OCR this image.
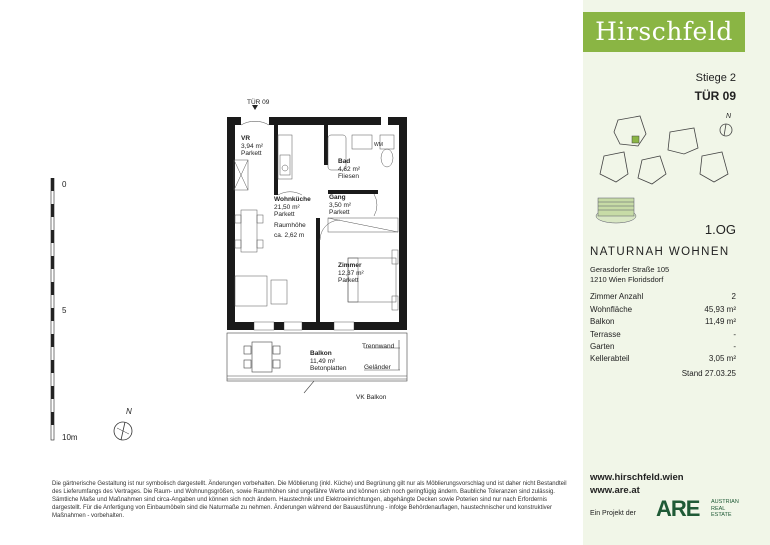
Hirschfeld
Stiege 2
TÜR 09
N
1.OG
NATURNAH WOHNEN
Gerasdorfer Straße 105
1210 Wien Floridsdorf
Zimmer Anzahl	2
Wohnfläche	45,93 m²
Balkon	11,49 m²
Terrasse	-
Garten	-
Kellerabteil	3,05 m²
Stand 27.03.25
www.hirschfeld.wien
www.are.at
Ein Projekt der ARE AUSTRIAN
REAL
ESTATE
0
5
10m
N
TÜR 09
VR
3,94 m²
Parkett
Bad
4,62 m²
Fliesen
WM
Gang
3,50 m²
Parkett
Wohnküche
21,50 m²
Parkett
Raumhöhe
ca. 2,62 m
Zimmer
12,37 m²
Parkett
Balkon
11,49 m²
Betonplatten
Trennwand
Geländer
VK Balkon
Die gärtnerische Gestaltung ist nur symbolisch dargestellt. Änderungen vorbehalten. Die Möblierung (inkl. Küche) und Begrünung gilt nur als Möblierungsvorschlag und ist daher nicht Bestandteil des Lieferumfangs des Vertrages. Die Raum- und Wohnungsgrößen, sowie Raumhöhen sind ungefähre Werte und können sich noch geringfügig ändern. Baubliche Toleranzen sind zulässig. Sämtliche Maße und Maßnahmen sind circa-Angaben und können sich noch ändern. Haustechnik und Elektroeinrichtungen, abgehängte Decken sowie Poterien sind nur nach Erfordernis dargestellt. Für die Anfertigung von Einbaumöbeln sind die Naturmaße zu nehmen. Änderungen während der Bauausführung - infolge Behördenauflagen, haustechnischer und konstruktiver Maßnahmen - vorbehalten.
